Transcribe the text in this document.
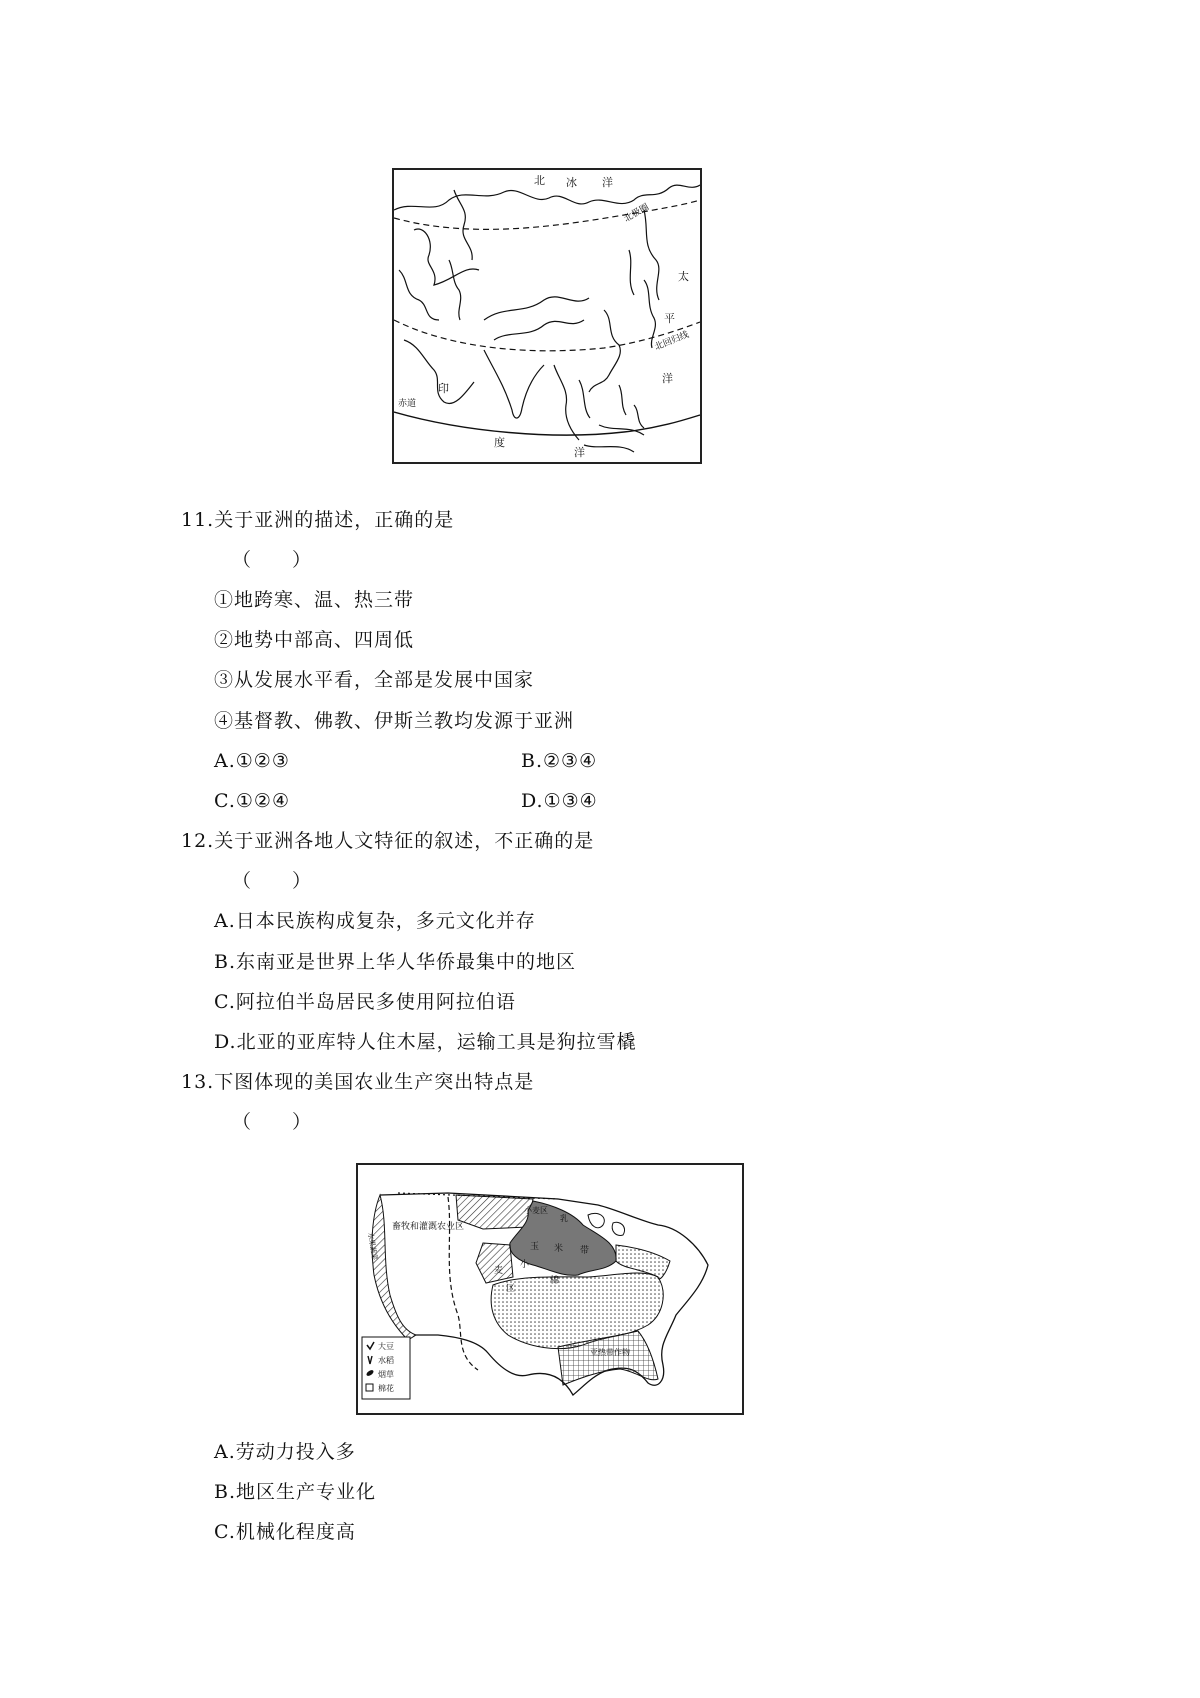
北 冰 洋
北极圈
太
平
北回归线
洋
印
赤道
度
洋
11.关于亚洲的描述，正确的是
（　　）
①地跨寒、温、热三带
②地势中部高、四周低
③从发展水平看，全部是发展中国家
④基督教、佛教、伊斯兰教均发源于亚洲
A.①②③	B.②③④
C.①②④	D.①③④
12.关于亚洲各地人文特征的叙述，不正确的是
（　　）
A.日本民族构成复杂，多元文化并存
B.东南亚是世界上华人华侨最集中的地区
C.阿拉伯半岛居民多使用阿拉伯语
D.北亚的亚库特人住木屋，运输工具是狗拉雪橇
13.下图体现的美国农业生产突出特点是
（　　）
水果蔬菜
畜牧和灌溉农业区
小麦区
乳
玉 米 带
小
麦
区
棉
亚热带作物
大豆
水稻
烟草
棉花
A.劳动力投入多
B.地区生产专业化
C.机械化程度高
